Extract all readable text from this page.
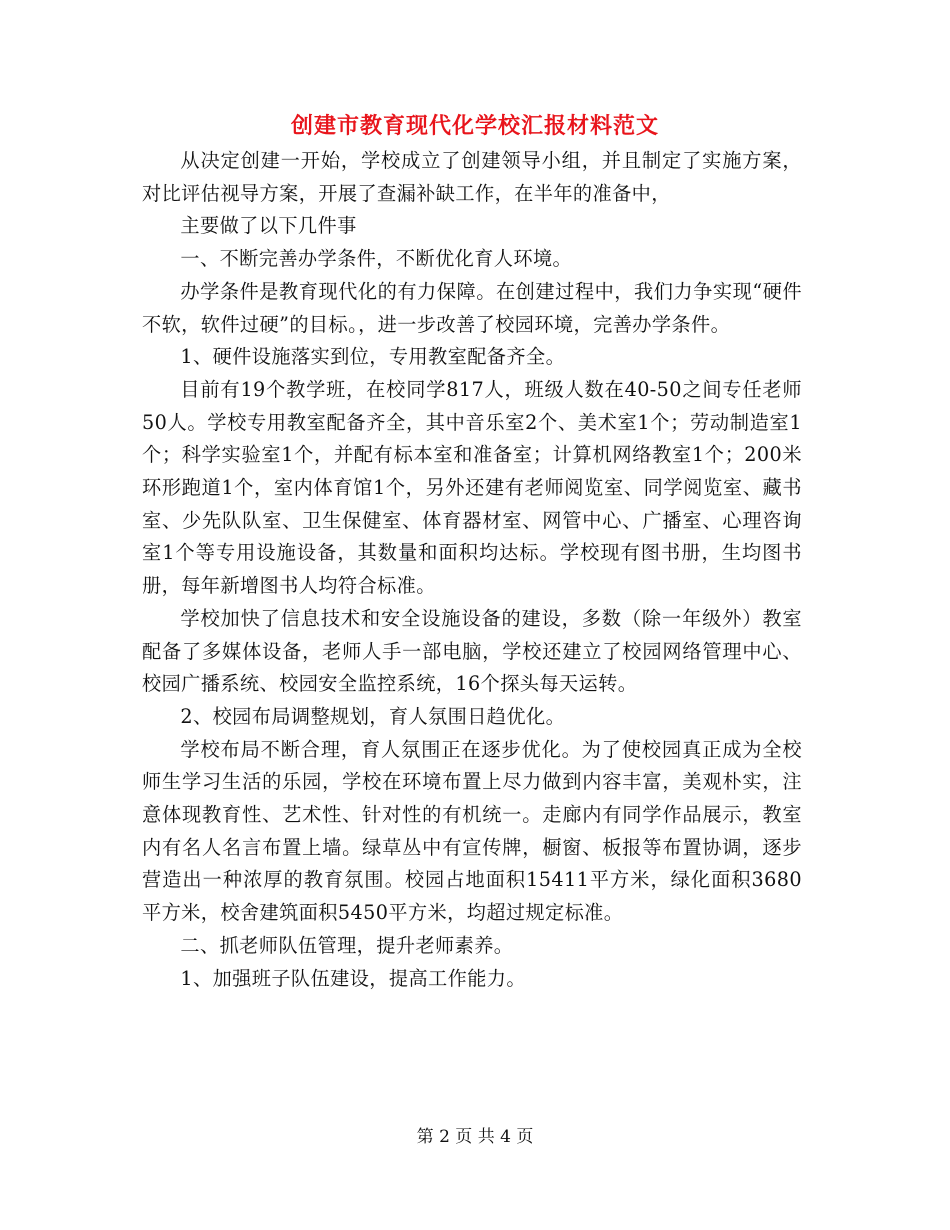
创建市教育现代化学校汇报材料范文

从决定创建一开始，学校成立了创建领导小组，并且制定了实施方案，对比评估视导方案，开展了查漏补缺工作，在半年的准备中，

主要做了以下几件事

一、不断完善办学条件，不断优化育人环境。

办学条件是教育现代化的有力保障。在创建过程中，我们力争实现“硬件不软，软件过硬”的目标。，进一步改善了校园环境，完善办学条件。

1、硬件设施落实到位，专用教室配备齐全。

目前有19个教学班，在校同学817人，班级人数在40-50之间专任老师50人。学校专用教室配备齐全，其中音乐室2个、美术室1个；劳动制造室1个；科学实验室1个，并配有标本室和准备室；计算机网络教室1个；200米环形跑道1个，室内体育馆1个，另外还建有老师阅览室、同学阅览室、藏书室、少先队队室、卫生保健室、体育器材室、网管中心、广播室、心理咨询室1个等专用设施设备，其数量和面积均达标。学校现有图书册，生均图书册，每年新增图书人均符合标准。

学校加快了信息技术和安全设施设备的建设，多数（除一年级外）教室配备了多媒体设备，老师人手一部电脑，学校还建立了校园网络管理中心、校园广播系统、校园安全监控系统，16个探头每天运转。

2、校园布局调整规划，育人氛围日趋优化。

学校布局不断合理，育人氛围正在逐步优化。为了使校园真正成为全校师生学习生活的乐园，学校在环境布置上尽力做到内容丰富，美观朴实，注意体现教育性、艺术性、针对性的有机统一。走廊内有同学作品展示，教室内有名人名言布置上墙。绿草丛中有宣传牌，橱窗、板报等布置协调，逐步营造出一种浓厚的教育氛围。校园占地面积15411平方米，绿化面积3680平方米，校舍建筑面积5450平方米，均超过规定标准。

二、抓老师队伍管理，提升老师素养。

1、加强班子队伍建设，提高工作能力。

第 2 页 共 4 页
